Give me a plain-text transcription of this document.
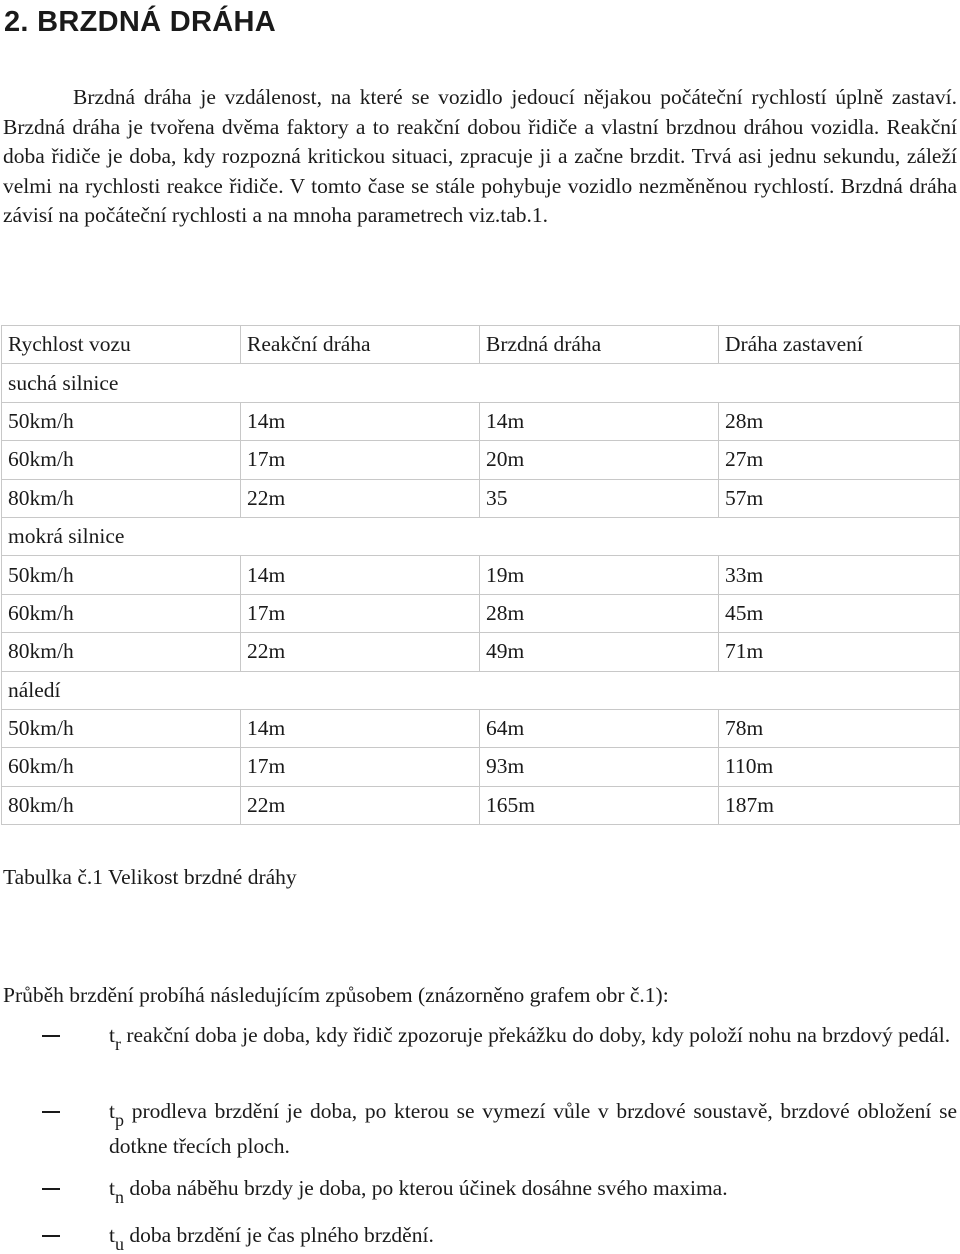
2. BRZDNÁ DRÁHA

Brzdná dráha je vzdálenost, na které se vozidlo jedoucí nějakou počáteční rychlostí úplně zastaví. Brzdná dráha je tvořena dvěma faktory a to reakční dobou řidiče a vlastní brzdnou dráhou vozidla. Reakční doba řidiče je doba, kdy rozpozná kritickou situaci, zpracuje ji a začne brzdit. Trvá asi jednu sekundu, záleží velmi na rychlosti reakce řidiče. V tomto čase se stále pohybuje vozidlo nezměněnou rychlostí. Brzdná dráha závisí na počáteční rychlosti a na mnoha parametrech viz.tab.1.

Rychlost vozu	Reakční dráha	Brzdná dráha	Dráha zastavení
suchá silnice			
50km/h	14m	14m	28m
60km/h	17m	20m	27m
80km/h	22m	35	57m
mokrá silnice			
50km/h	14m	19m	33m
60km/h	17m	28m	45m
80km/h	22m	49m	71m
náledí			
50km/h	14m	64m	78m
60km/h	17m	93m	110m
80km/h	22m	165m	187m

Tabulka č.1 Velikost brzdné dráhy

Průběh brzdění probíhá následujícím způsobem (znázorněno grafem obr č.1):

$t_r$ reakční doba je doba, kdy řidič zpozoruje překážku do doby, kdy položí nohu na brzdový pedál.

$t_p$ prodleva brzdění je doba, po kterou se vymezí vůle v brzdové soustavě, brzdové obložení se dotkne třecích ploch.

$t_n$ doba náběhu brzdy je doba, po kterou účinek dosáhne svého maxima.

$t_u$ doba brzdění je čas plného brzdění.
